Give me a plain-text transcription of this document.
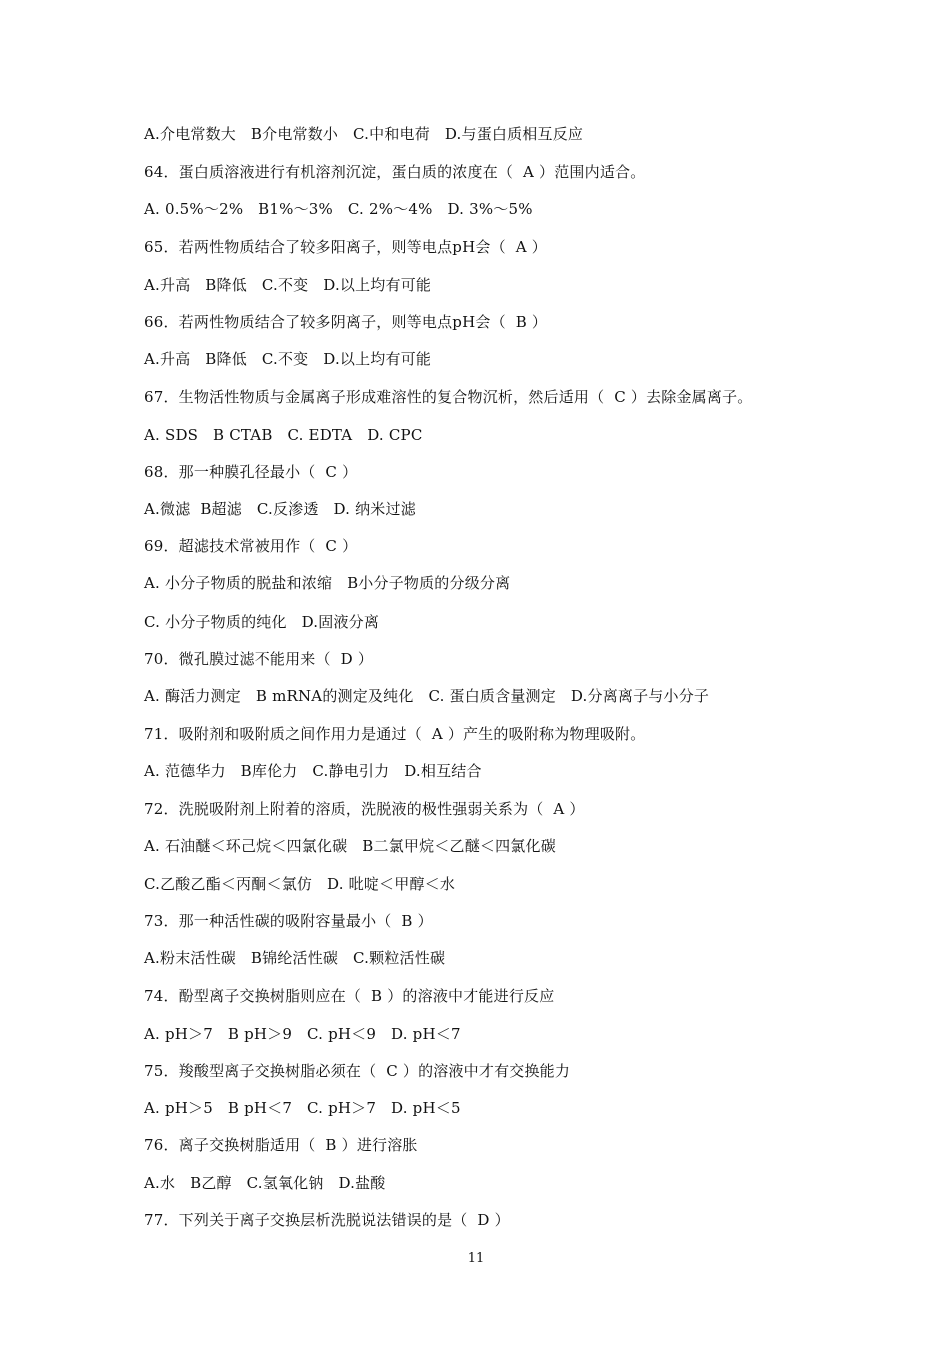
A.介电常数大   B介电常数小   C.中和电荷   D.与蛋白质相互反应
64．蛋白质溶液进行有机溶剂沉淀，蛋白质的浓度在（  A ）范围内适合。
A. 0.5%～2%   B1%～3%   C. 2%～4%   D. 3%～5%
65．若两性物质结合了较多阳离子，则等电点pH会（  A ）
A.升高   B降低   C.不变   D.以上均有可能
66．若两性物质结合了较多阴离子，则等电点pH会（  B ）
A.升高   B降低   C.不变   D.以上均有可能
67．生物活性物质与金属离子形成难溶性的复合物沉析，然后适用（  C ）去除金属离子。
A. SDS   B CTAB   C. EDTA   D. CPC
68．那一种膜孔径最小（  C ）
A.微滤  B超滤   C.反渗透   D. 纳米过滤
69．超滤技术常被用作（  C ）
A. 小分子物质的脱盐和浓缩   B小分子物质的分级分离
C. 小分子物质的纯化   D.固液分离
70．微孔膜过滤不能用来（  D ）
A. 酶活力测定   B mRNA的测定及纯化   C. 蛋白质含量测定   D.分离离子与小分子
71．吸附剂和吸附质之间作用力是通过（  A ）产生的吸附称为物理吸附。
A. 范德华力   B库伦力   C.静电引力   D.相互结合
72．洗脱吸附剂上附着的溶质，洗脱液的极性强弱关系为（  A ）
A. 石油醚＜环己烷＜四氯化碳   B二氯甲烷＜乙醚＜四氯化碳
C.乙酸乙酯＜丙酮＜氯仿   D. 吡啶＜甲醇＜水
73．那一种活性碳的吸附容量最小（  B ）
A.粉末活性碳   B锦纶活性碳   C.颗粒活性碳
74．酚型离子交换树脂则应在（  B ）的溶液中才能进行反应
A. pH＞7   B pH＞9   C. pH＜9   D. pH＜7
75．羧酸型离子交换树脂必须在（  C ）的溶液中才有交换能力
A. pH＞5   B pH＜7   C. pH＞7   D. pH＜5
76．离子交换树脂适用（  B ）进行溶胀
A.水   B乙醇   C.氢氧化钠   D.盐酸
77．下列关于离子交换层析洗脱说法错误的是（  D ）
11
